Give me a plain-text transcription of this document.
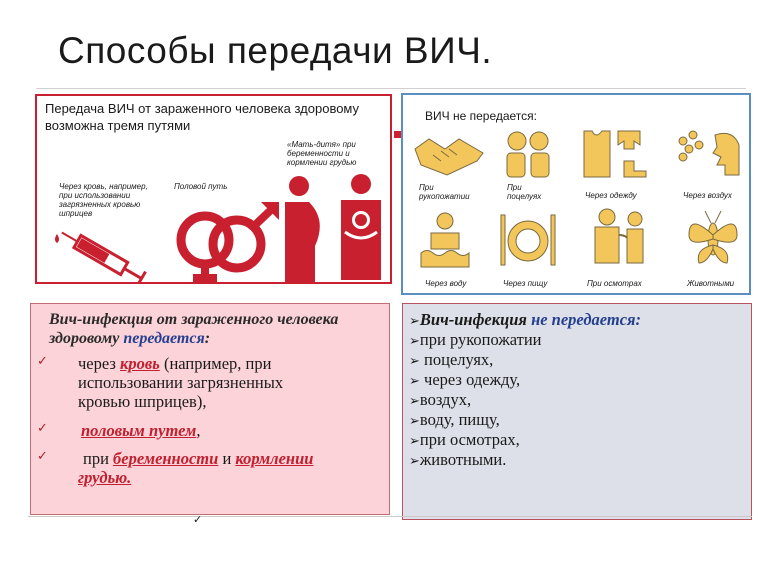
Способы передачи ВИЧ.
Передача ВИЧ от зараженного человека здоровому возможна тремя путями
Через кровь, например, при использовании загрязненных кровью шприцев
Половой путь
«Мать-дитя» при беременности и кормлении грудью
ВИЧ не передается:
При
рукопожатии
При
поцелуях	Через одежду	Через воздух
Через воду	Через пищу	При осмотрах	Животными
Вич-инфекция от зараженного человека здоровому передается:
✓ через кровь (например, при
использовании загрязненных
кровью шприцев),
✓ половым путем,
✓ при беременности и кормлении
грудью.
➢Вич-инфекция не передается:
➢при рукопожатии
➢ поцелуях,
➢ через одежду,
➢воздух,
➢воду, пищу,
➢при осмотрах,
➢животными.
✓
